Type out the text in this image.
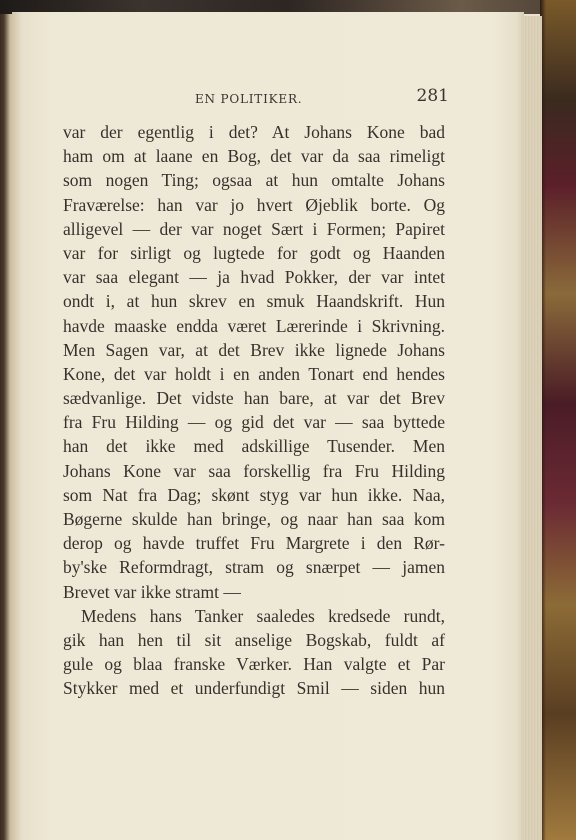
EN POLITIKER.	281
var der egentlig i det? At Johans Kone bad
ham om at laane en Bog, det var da saa rimeligt
som nogen Ting; ogsaa at hun omtalte Johans
Fraværelse: han var jo hvert Øjeblik borte. Og
alligevel — der var noget Sært i Formen; Papiret
var for sirligt og lugtede for godt og Haanden
var saa elegant — ja hvad Pokker, der var intet
ondt i, at hun skrev en smuk Haandskrift. Hun
havde maaske endda været Lærerinde i Skrivning.
Men Sagen var, at det Brev ikke lignede Johans
Kone, det var holdt i en anden Tonart end hendes
sædvanlige. Det vidste han bare, at var det Brev
fra Fru Hilding — og gid det var — saa byttede
han det ikke med adskillige Tusender. Men
Johans Kone var saa forskellig fra Fru Hilding
som Nat fra Dag; skønt styg var hun ikke. Naa,
Bøgerne skulde han bringe, og naar han saa kom
derop og havde truffet Fru Margrete i den Rør-
by'ske Reformdragt, stram og snærpet — jamen
Brevet var ikke stramt —
Medens hans Tanker saaledes kredsede rundt,
gik han hen til sit anselige Bogskab, fuldt af
gule og blaa franske Værker. Han valgte et Par
Stykker med et underfundigt Smil — siden hun
